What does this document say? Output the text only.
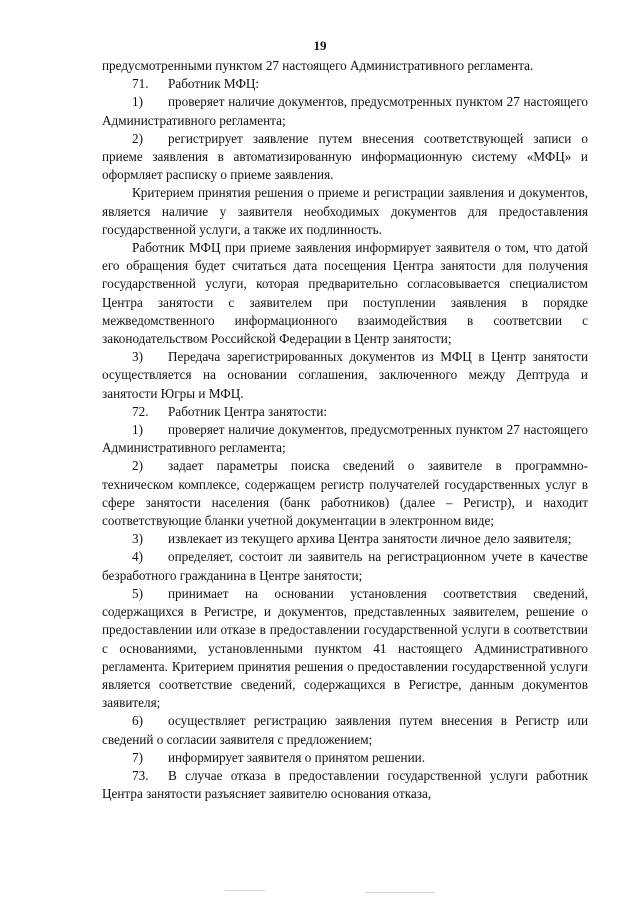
19

предусмотренными пунктом 27 настоящего Административного регламента.

71. Работник МФЦ:

1) проверяет наличие документов, предусмотренных пунктом 27 настоящего Административного регламента;

2) регистрирует заявление путем внесения соответствующей записи о приеме заявления в автоматизированную информационную систему «МФЦ» и оформляет расписку о приеме заявления.

Критерием принятия решения о приеме и регистрации заявления и документов, является наличие у заявителя необходимых документов для предоставления государственной услуги, а также их подлинность.

Работник МФЦ при приеме заявления информирует заявителя о том, что датой его обращения будет считаться дата посещения Центра занятости для получения государственной услуги, которая предварительно согласовывается специалистом Центра занятости с заявителем при поступлении заявления в порядке межведомственного информационного взаимодействия в соответсвии с законодательством Российской Федерации в Центр занятости;

3) Передача зарегистрированных документов из МФЦ в Центр занятости осуществляется на основании соглашения, заключенного между Дептруда и занятости Югры и МФЦ.

72. Работник Центра занятости:

1) проверяет наличие документов, предусмотренных пунктом 27 настоящего Административного регламента;

2) задает параметры поиска сведений о заявителе в программно-техническом комплексе, содержащем регистр получателей государственных услуг в сфере занятости населения (банк работников) (далее – Регистр), и находит соответствующие бланки учетной документации в электронном виде;

3) извлекает из текущего архива Центра занятости личное дело заявителя;

4) определяет, состоит ли заявитель на регистрационном учете в качестве безработного гражданина в Центре занятости;

5) принимает на основании установления соответствия сведений, содержащихся в Регистре, и документов, представленных заявителем, решение о предоставлении или отказе в предоставлении государственной услуги в соответствии с основаниями, установленными пунктом 41 настоящего Административного регламента. Критерием принятия решения о предоставлении государственной услуги является соответствие сведений, содержащихся в Регистре, данным документов заявителя;

6) осуществляет регистрацию заявления путем внесения в Регистр или сведений о согласии заявителя с предложением;

7) информирует заявителя о принятом решении.

73. В случае отказа в предоставлении государственной услуги работник Центра занятости разъясняет заявителю основания отказа,
